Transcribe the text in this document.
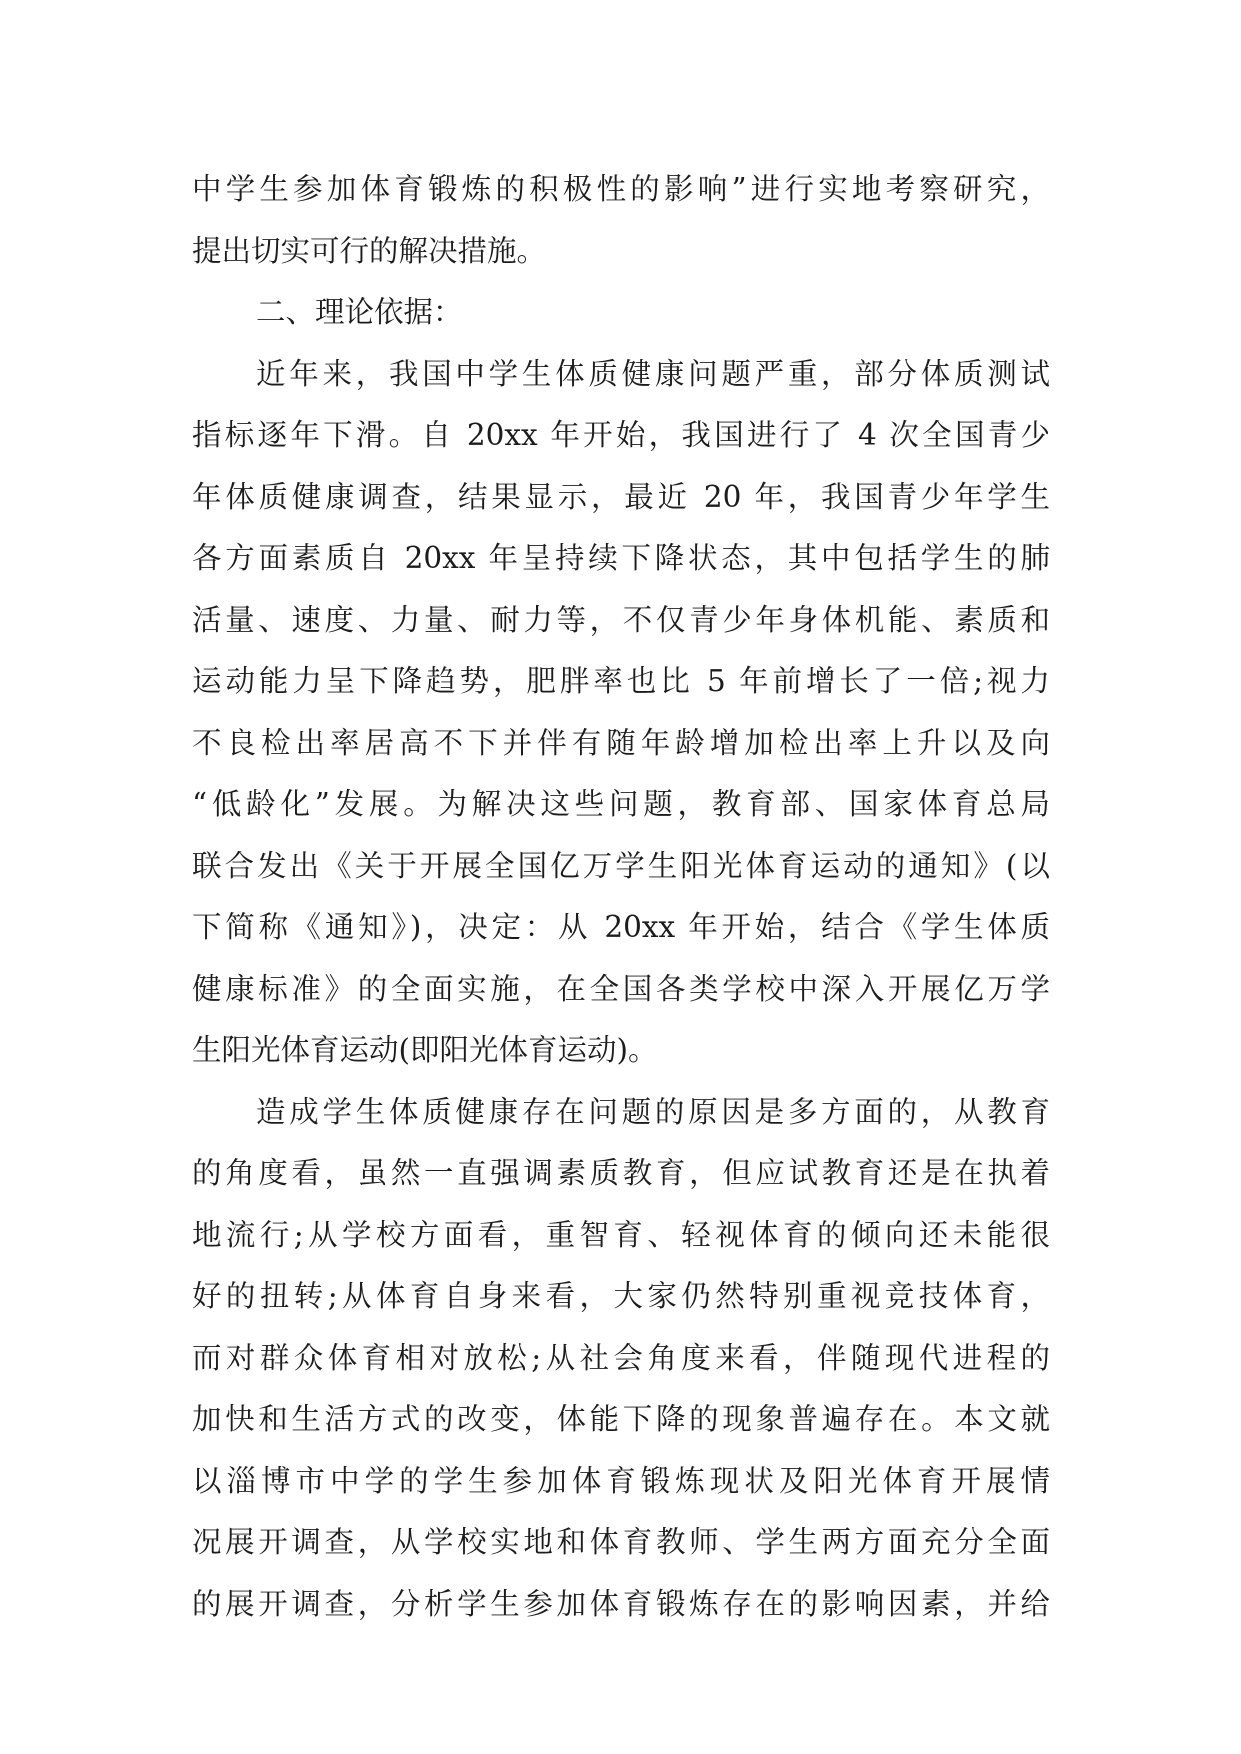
中学生参加体育锻炼的积极性的影响”进行实地考察研究，
提出切实可行的解决措施。
二、理论依据：
近年来，我国中学生体质健康问题严重，部分体质测试
指标逐年下滑。自 20xx 年开始，我国进行了 4 次全国青少
年体质健康调查，结果显示，最近 20 年，我国青少年学生
各方面素质自 20xx 年呈持续下降状态，其中包括学生的肺
活量、速度、力量、耐力等，不仅青少年身体机能、素质和
运动能力呈下降趋势，肥胖率也比 5 年前增长了一倍;视力
不良检出率居高不下并伴有随年龄增加检出率上升以及向
“低龄化”发展。为解决这些问题，教育部、国家体育总局
联合发出《关于开展全国亿万学生阳光体育运动的通知》(以
下简称《通知》)，决定：从 20xx 年开始，结合《学生体质
健康标准》的全面实施，在全国各类学校中深入开展亿万学
生阳光体育运动(即阳光体育运动)。
造成学生体质健康存在问题的原因是多方面的，从教育
的角度看，虽然一直强调素质教育，但应试教育还是在执着
地流行;从学校方面看，重智育、轻视体育的倾向还未能很
好的扭转;从体育自身来看，大家仍然特别重视竞技体育，
而对群众体育相对放松;从社会角度来看，伴随现代进程的
加快和生活方式的改变，体能下降的现象普遍存在。本文就
以淄博市中学的学生参加体育锻炼现状及阳光体育开展情
况展开调查，从学校实地和体育教师、学生两方面充分全面
的展开调查，分析学生参加体育锻炼存在的影响因素，并给
